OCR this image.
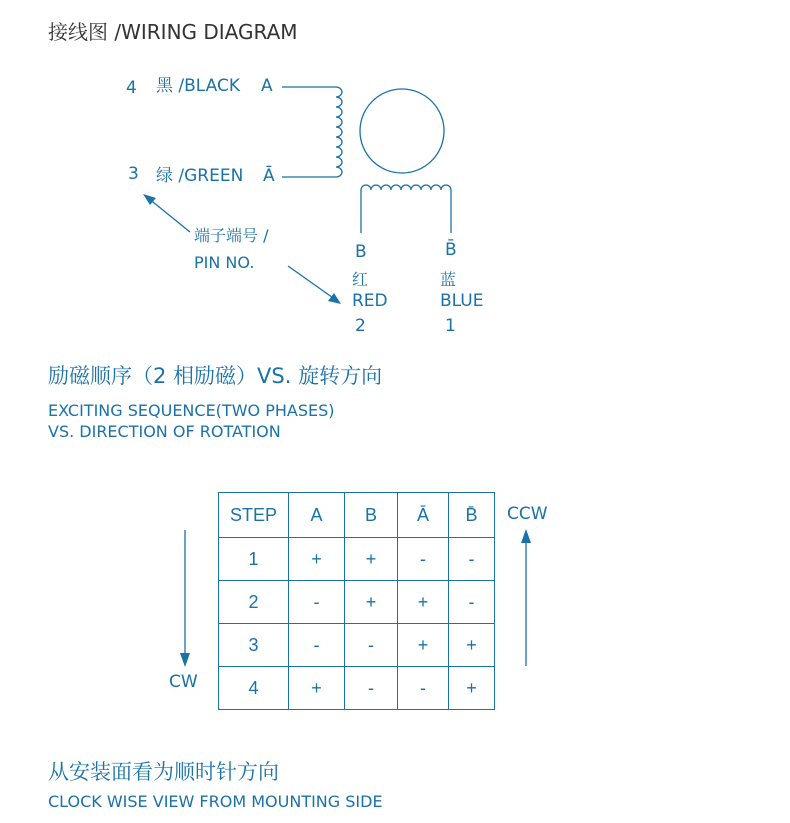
接线图 /WIRING DIAGRAM
4 黑 /BLACK A
3 绿 /GREEN Ā
端子端号 /
PIN NO.
B
红
RED
2
B̄
蓝
BLUE
1
励磁顺序（2 相励磁）VS. 旋转方向
EXCITING SEQUENCE(TWO PHASES)
VS. DIRECTION OF ROTATION
STEP	A	B	Ā	B̄
1	+	+	-	-
2	-	+	+	-
3	-	-	+	+
4	+	-	-	+
CW
CCW
从安装面看为顺时针方向
CLOCK WISE VIEW FROM MOUNTING SIDE
